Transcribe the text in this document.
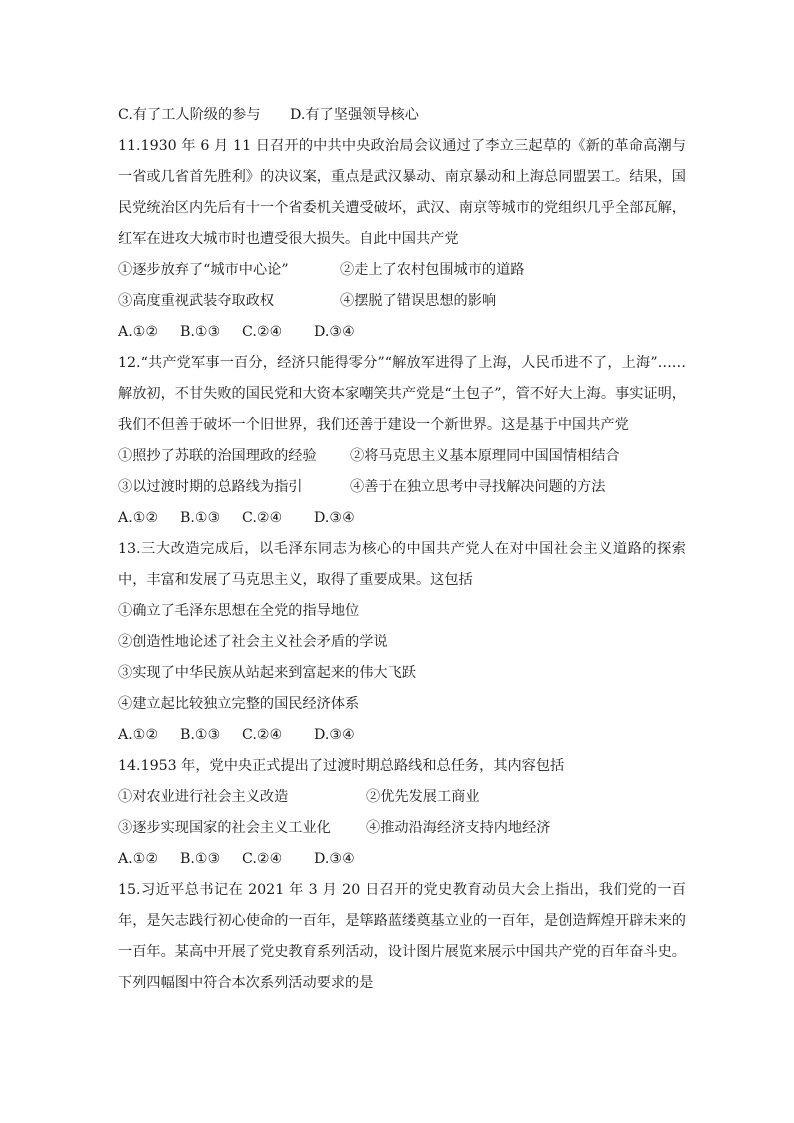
C.有了工人阶级的参与 D.有了坚强领导核心
11.1930 年 6 月 11 日召开的中共中央政治局会议通过了李立三起草的《新的革命高潮与一省或几省首先胜利》的决议案，重点是武汉暴动、南京暴动和上海总同盟罢工。结果，国民党统治区内先后有十一个省委机关遭受破坏，武汉、南京等城市的党组织几乎全部瓦解，红军在进攻大城市时也遭受很大损失。自此中国共产党
①逐步放弃了“城市中心论”	②走上了农村包围城市的道路
③高度重视武装夺取政权	④摆脱了错误思想的影响
A.①② B.①③ C.②④ D.③④
12.“共产党军事一百分，经济只能得零分”“解放军进得了上海，人民币进不了，上海”……解放初，不甘失败的国民党和大资本家嘲笑共产党是“土包子”，管不好大上海。事实证明，我们不但善于破坏一个旧世界，我们还善于建设一个新世界。这是基于中国共产党
①照抄了苏联的治国理政的经验 ②将马克思主义基本原理同中国国情相结合
③以过渡时期的总路线为指引	④善于在独立思考中寻找解决问题的方法
A.①② B.①③ C.②④ D.③④
13.三大改造完成后，以毛泽东同志为核心的中国共产党人在对中国社会主义道路的探索中，丰富和发展了马克思主义，取得了重要成果。这包括
①确立了毛泽东思想在全党的指导地位
②创造性地论述了社会主义社会矛盾的学说
③实现了中华民族从站起来到富起来的伟大飞跃
④建立起比较独立完整的国民经济体系
A.①② B.①③ C.②④ D.③④
14.1953 年，党中央正式提出了过渡时期总路线和总任务，其内容包括
①对农业进行社会主义改造	②优先发展工商业
③逐步实现国家的社会主义工业化 ④推动沿海经济支持内地经济
A.①② B.①③ C.②④ D.③④
15.习近平总书记在 2021 年 3 月 20 日召开的党史教育动员大会上指出，我们党的一百年，是矢志践行初心使命的一百年，是筚路蓝缕奠基立业的一百年，是创造辉煌开辟未来的一百年。某高中开展了党史教育系列活动，设计图片展览来展示中国共产党的百年奋斗史。下列四幅图中符合本次系列活动要求的是
